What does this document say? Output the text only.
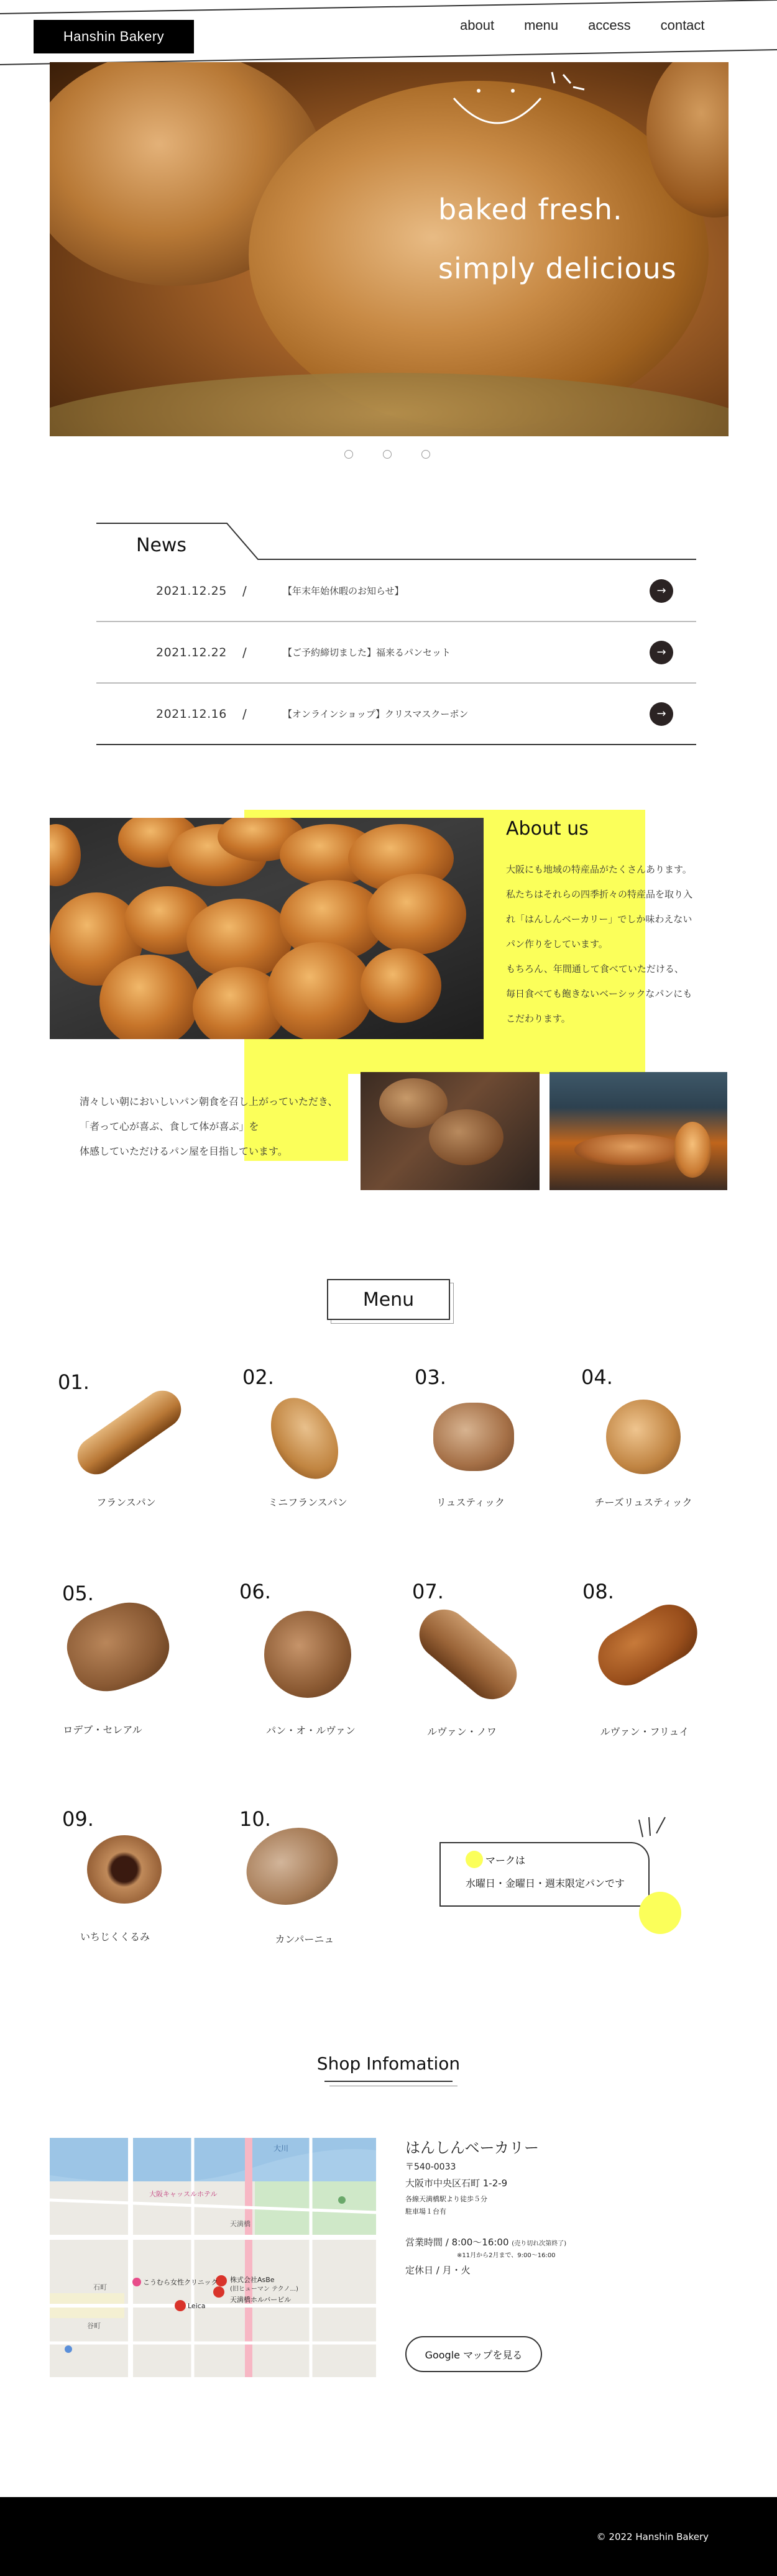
Hanshin Bakery
about menu access contact
baked fresh.
simply delicious
News
2021.12.25 /	【年末年始休暇のお知らせ】	→
2021.12.22 /	【ご予約締切ました】福来るパンセット	→
2021.12.16 /	【オンラインショップ】クリスマスクーポン	→
About us
大阪にも地域の特産品がたくさんあります。
私たちはそれらの四季折々の特産品を取り入
れ「はんしんベーカリー」でしか味わえない
パン作りをしています。
もちろん、年間通して食べていただける、
毎日食べても飽きないベーシックなパンにも
こだわります。
清々しい朝においしいパン朝食を召し上がっていただき、
「者って心が喜ぶ、食して体が喜ぶ」を
体感していただけるパン屋を目指しています。
Menu
01.
フランスパン
02.
ミニフランスパン
03.
リュスティック
04.
チーズリュスティック
05.
ロデブ・セレアル
06.
パン・オ・ルヴァン
07.
ルヴァン・ノワ
08.
ルヴァン・フリュイ
09.
いちじくくるみ
10.
カンパーニュ
マークは
水曜日・金曜日・週末限定パンです
Shop Infomation
大川
大阪キャッスルホテル
天満橋
こうむら女性クリニック 株式会社AsBe
(旧ヒューマン テクノ...)
天満橋ホルバービル
Leica
石町
谷町
はんしんベーカリー
〒540-0033
大阪市中央区石町 1-2-9
各線天満橋駅より徒歩５分
駐車場１台有
営業時間 / 8:00〜16:00 (売り切れ次第終了)
※11月から2月まで、9:00〜16:00
定休日 / 月・火
Google マップを見る
© 2022 Hanshin Bakery
